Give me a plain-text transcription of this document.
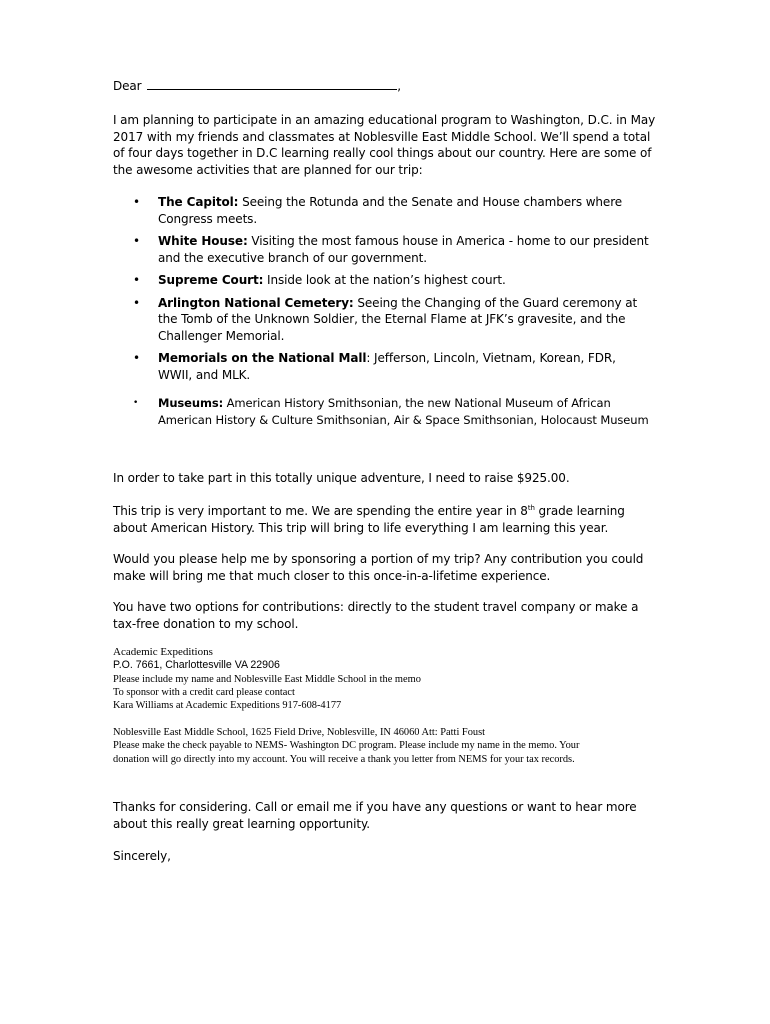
Dear	,

I am planning to participate in an amazing educational program to Washington, D.C. in May 2017 with my friends and classmates at Noblesville East Middle School. We’ll spend a total of four days together in D.C learning really cool things about our country. Here are some of the awesome activities that are planned for our trip:

• The Capitol: Seeing the Rotunda and the Senate and House chambers where Congress meets.
• White House: Visiting the most famous house in America - home to our president and the executive branch of our government.
• Supreme Court: Inside look at the nation’s highest court.
• Arlington National Cemetery: Seeing the Changing of the Guard ceremony at the Tomb of the Unknown Soldier, the Eternal Flame at JFK’s gravesite, and the Challenger Memorial.
• Memorials on the National Mall: Jefferson, Lincoln, Vietnam, Korean, FDR, WWII, and MLK.
• Museums: American History Smithsonian, the new National Museum of African American History & Culture Smithsonian, Air & Space Smithsonian, Holocaust Museum

In order to take part in this totally unique adventure, I need to raise $925.00.

This trip is very important to me. We are spending the entire year in 8th grade learning about American History. This trip will bring to life everything I am learning this year.

Would you please help me by sponsoring a portion of my trip? Any contribution you could make will bring me that much closer to this once-in-a-lifetime experience.

You have two options for contributions: directly to the student travel company or make a tax-free donation to my school.

Academic Expeditions
P.O. 7661, Charlottesville VA 22906
Please include my name and Noblesville East Middle School in the memo
To sponsor with a credit card please contact
Kara Williams at Academic Expeditions 917-608-4177
Noblesville East Middle School, 1625 Field Drive, Noblesville, IN 46060 Att: Patti Foust
Please make the check payable to NEMS- Washington DC program. Please include my name in the memo. Your
donation will go directly into my account. You will receive a thank you letter from NEMS for your tax records.

Thanks for considering. Call or email me if you have any questions or want to hear more about this really great learning opportunity.

Sincerely,
